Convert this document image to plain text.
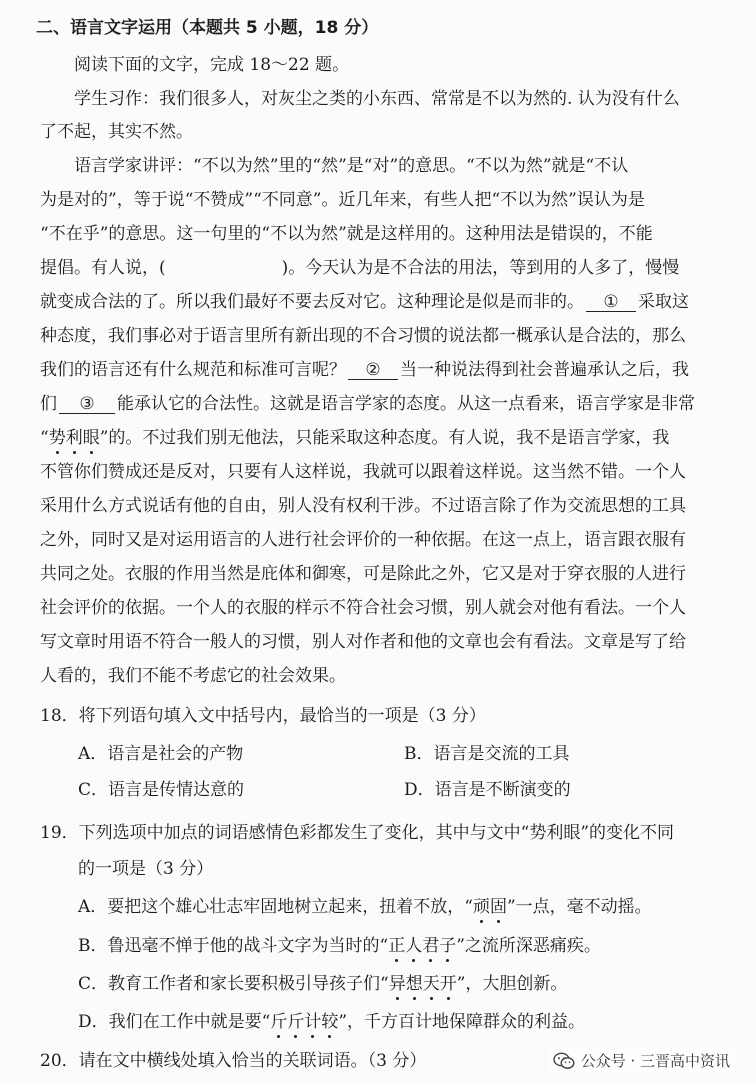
二、语言文字运用（本题共 5 小题，18 分）
阅读下面的文字，完成 18～22 题。
学生习作：我们很多人，对灰尘之类的小东西、常常是不以为然的. 认为没有什么
了不起，其实不然。
语言学家讲评：“不以为然”里的“然”是“对”的意思。“不以为然”就是“不认
为是对的”，等于说“不赞成”“不同意”。近几年来，有些人把“不以为然”误认为是
“不在乎”的意思。这一句里的“不以为然”就是这样用的。这种用法是错误的，不能
提倡。有人说，(	)。今天认为是不合法的用法，等到用的人多了，慢慢
就变成合法的了。所以我们最好不要去反对它。这种理论是似是而非的。 ① 采取这
种态度，我们事必对于语言里所有新出现的不合习惯的说法都一概承认是合法的，那么
我们的语言还有什么规范和标准可言呢？ ② 当一种说法得到社会普遍承认之后，我
们 ③ 能承认它的合法性。这就是语言学家的态度。从这一点看来，语言学家是非常
“势利眼”的。不过我们别无他法，只能采取这种态度。有人说，我不是语言学家，我
不管你们赞成还是反对，只要有人这样说，我就可以跟着这样说。这当然不错。一个人
采用什么方式说话有他的自由，别人没有权利干涉。不过语言除了作为交流思想的工具
之外，同时又是对运用语言的人进行社会评价的一种依据。在这一点上，语言跟衣服有
共同之处。衣服的作用当然是庇体和御寒，可是除此之外，它又是对于穿衣服的人进行
社会评价的依据。一个人的衣服的样示不符合社会习惯，别人就会对他有看法。一个人
写文章时用语不符合一般人的习惯，别人对作者和他的文章也会有看法。文章是写了给
人看的，我们不能不考虑它的社会效果。
18．将下列语句填入文中括号内，最恰当的一项是（3 分）
A．语言是社会的产物	B．语言是交流的工具
C．语言是传情达意的	D．语言是不断演变的
19．下列选项中加点的词语感情色彩都发生了变化，其中与文中“势利眼”的变化不同
的一项是（3 分）
A．要把这个雄心壮志牢固地树立起来，扭着不放，“顽固”一点，毫不动摇。
B．鲁迅毫不惮于他的战斗文字为当时的“正人君子”之流所深恶痛疾。
C．教育工作者和家长要积极引导孩子们“异想天开”，大胆创新。
D．我们在工作中就是要“斤斤计较”，千方百计地保障群众的利益。
20．请在文中横线处填入恰当的关联词语。（3 分）	公众号 · 三晋高中资讯
